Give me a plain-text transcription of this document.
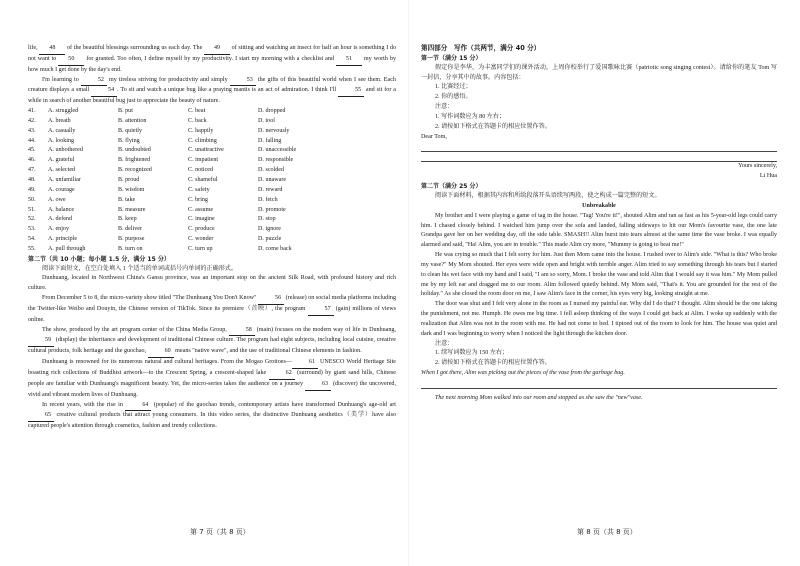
life, 48 of the beautiful blessings surrounding us each day. The 49 of sitting and watching an insect for half an hour is something I do not want to 50 for granted. Too often, I define myself by my productivity. I start my morning with a checklist and 51 my worth by how much I get done by the day's end.

I'm learning to	52 my tireless striving for productivity and simply	53 the gifts of this beautiful world when I see them. Each creature displays a small	54 . To sit and watch a unique bug like a praying mantis is an act of admiration. I think I'll	55 and sit for a while in search of another beautiful bug just to appreciate the beauty of nature.

41.	A. struggled	B. put	C. beat	D. dropped
42.	A. breath	B. attention	C. back	D. tool
43.	A. casually	B. quietly	C. happily	D. nervously
44.	A. looking	B. flying	C. climbing	D. falling
45.	A. unbothered	B. undoubted	C. unattractive	D. unaccessible
46.	A. grateful	B. frightened	C. impatient	D. responsible
47.	A. selected	B. recognized	C. noticed	D. scolded
48.	A. unfamiliar	B. proud	C. shameful	D. unaware
49.	A. courage	B. wisdom	C. safety	D. reward
50.	A. owe	B. take	C. bring	D. fetch
51.	A. balance	B. measure	C. assume	D. promote
52.	A. defend	B. keep	C. imagine	D. stop
53.	A. enjoy	B. deliver	C. produce	D. ignore
54.	A. principle	B. purpose	C. wonder	D. puzzle
55.	A. pull through	B. turn on	C. turn up	D. come back

第二节（共 10 小题；每小题 1.5 分，满分 15 分）

阅读下面短文，在空白处填入 1 个适当的单词或括号内单词的正确形式。

Dunhuang, located in Northwest China's Gansu province, was an important stop on the ancient Silk Road, with profound history and rich culture.

From December 5 to 8, the micro-variety show titled "The Dunhuang You Don't Know"	56 (release) on social media platforms including the Twitter-like Weibo and Douyin, the Chinese version of TikTok. Since its premiere（首映）, the program	57 (gain) millions of views online.

The show, produced by the art program center of the China Media Group,	58 (main) focuses on the modern way of life in Dunhuang, 59 (display) the inheritance and development of traditional Chinese culture. The program had eight subjects, including local cuisine, creative cultural products, folk heritage and the guochao,	60 means "native wave", and the use of traditional Chinese elements in fashion.

Dunhuang is renowned for its numerous natural and cultural heritages. From the Mogao Grottoes—	61 UNESCO World Heritage Site boasting rich collections of Buddhist artwork—to the Crescent Spring, a crescent-shaped lake	62 (surround) by giant sand hills, Chinese people are familiar with Dunhuang's magnificent beauty. Yet, the micro-series takes the audience on a journey	63 (discover) the uncovered, vivid and vibrant modern lives of Dunhuang.

In recent years, with the rise in	64 (popular) of the guochao trends, contemporary artists have transformed Dunhuang's age-old art 65 creative cultural products that attract young consumers. In this video series, the distinctive Dunhuang aesthetics（美学）have also captured people's attention through cosmetics, fashion and trendy collections.

第 7 页（共 8 页）

第四部分　写作（共两节，满分 40 分）

第一节（满分 15 分）

假定你是李华，为丰富同学们的课外活动，上周你校举行了爱国歌咏比赛（patriotic song singing contest）。请给你的笔友 Tom 写一封信，分享其中的故事。内容包括：

1. 比赛经过；

2. 你的感悟。

注意：

1. 写作词数应为 80 左右；

2. 请按如下格式在答题卡的相应位置作答。

Dear Tom,

Yours sincerely,

Li Hua

第二节（满分 25 分）

阅读下面材料，根据其内容和所给段落开头语续写两段，使之构成一篇完整的短文。

Unbreakable

My brother and I were playing a game of tag in the house. "Tag! You're it!", shouted Alim and ran as fast as his 5-year-old legs could carry him. I chased closely behind. I watched him jump over the sofa and landed, falling sideways to hit our Mom's favourite vase, the one late Grandpa gave her on her wedding day, off the side table. SMASH!! Alim burst into tears almost at the same time the vase broke. I was equally alarmed and said, "Ha! Alim, you are in trouble." This made Alim cry more, "Mummy is going to beat me!"

He was crying so much that I felt sorry for him. Just then Mom came into the house. I rushed over to Alim's side. "What is this? Who broke my vase?" My Mom shouted. Her eyes were wide open and bright with terrible anger. Alim tried to say something through his tears but I started to clean his wet face with my hand and I said, "I am so sorry, Mom. I broke the vase and told Alim that I would say it was him." My Mom pulled me by my left ear and dragged me to our room. Alim followed quietly behind. My Mom said, "That's it. You are grounded for the rest of the holiday." As she closed the room door on me, I saw Alim's face in the corner, his eyes very big, looking straight at me.

The door was shut and I felt very alone in the room as I nursed my painful ear. Why did I do that? I thought. Alim should be the one taking the punishment, not me. Humph. He owes me big time. I fell asleep thinking of the ways I could get back at Alim. I woke up suddenly with the realization that Alim was not in the room with me. He had not come to bed. I tiptoed out of the room to look for him. The house was quiet and dark and I was beginning to worry when I noticed the light through the kitchen door.

注意：

1. 续写词数应为 150 左右；

2. 请按如下格式在答题卡的相应位置作答。

When I got there, Alim was picking out the pieces of the vase from the garbage bag.

The next morning Mom walked into our room and stopped as she saw the "new"vase.

第 8 页（共 8 页）
